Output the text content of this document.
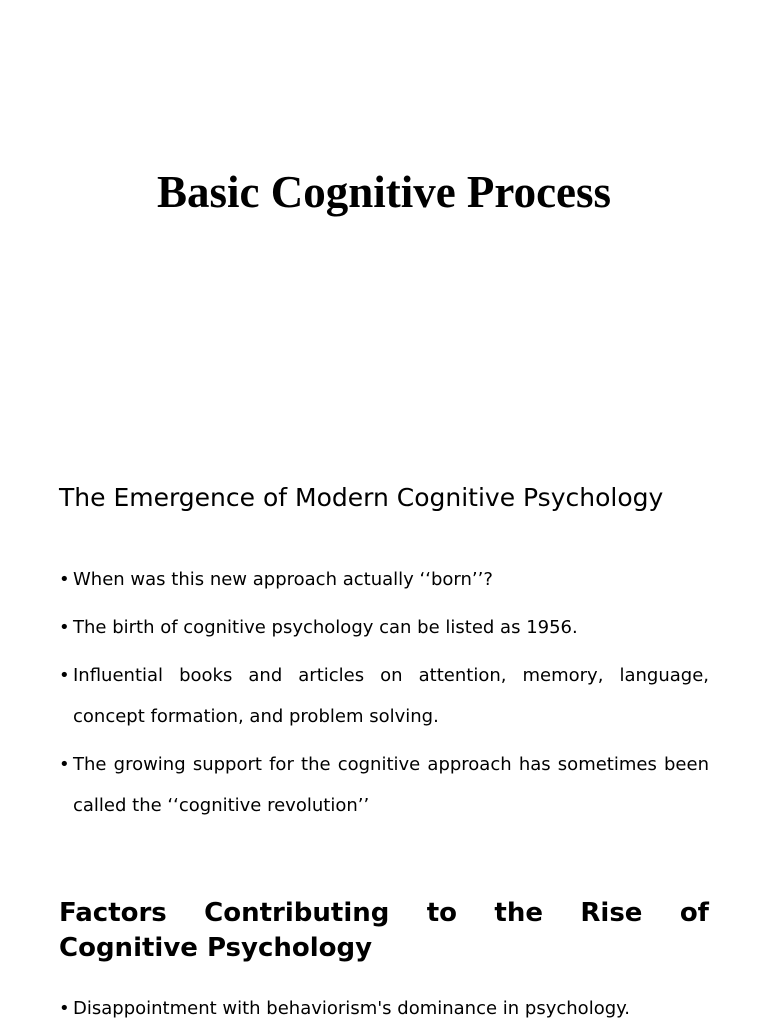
Basic Cognitive Process
The Emergence of Modern Cognitive Psychology
• When was this new approach actually ‘‘born’’?
• The birth of cognitive psychology can be listed as 1956.
• Influential books and articles on attention, memory, language, concept formation, and problem solving.
• The growing support for the cognitive approach has sometimes been called the ‘‘cognitive revolution’’
Factors Contributing to the Rise of Cognitive Psychology
• Disappointment with behaviorism's dominance in psychology.
